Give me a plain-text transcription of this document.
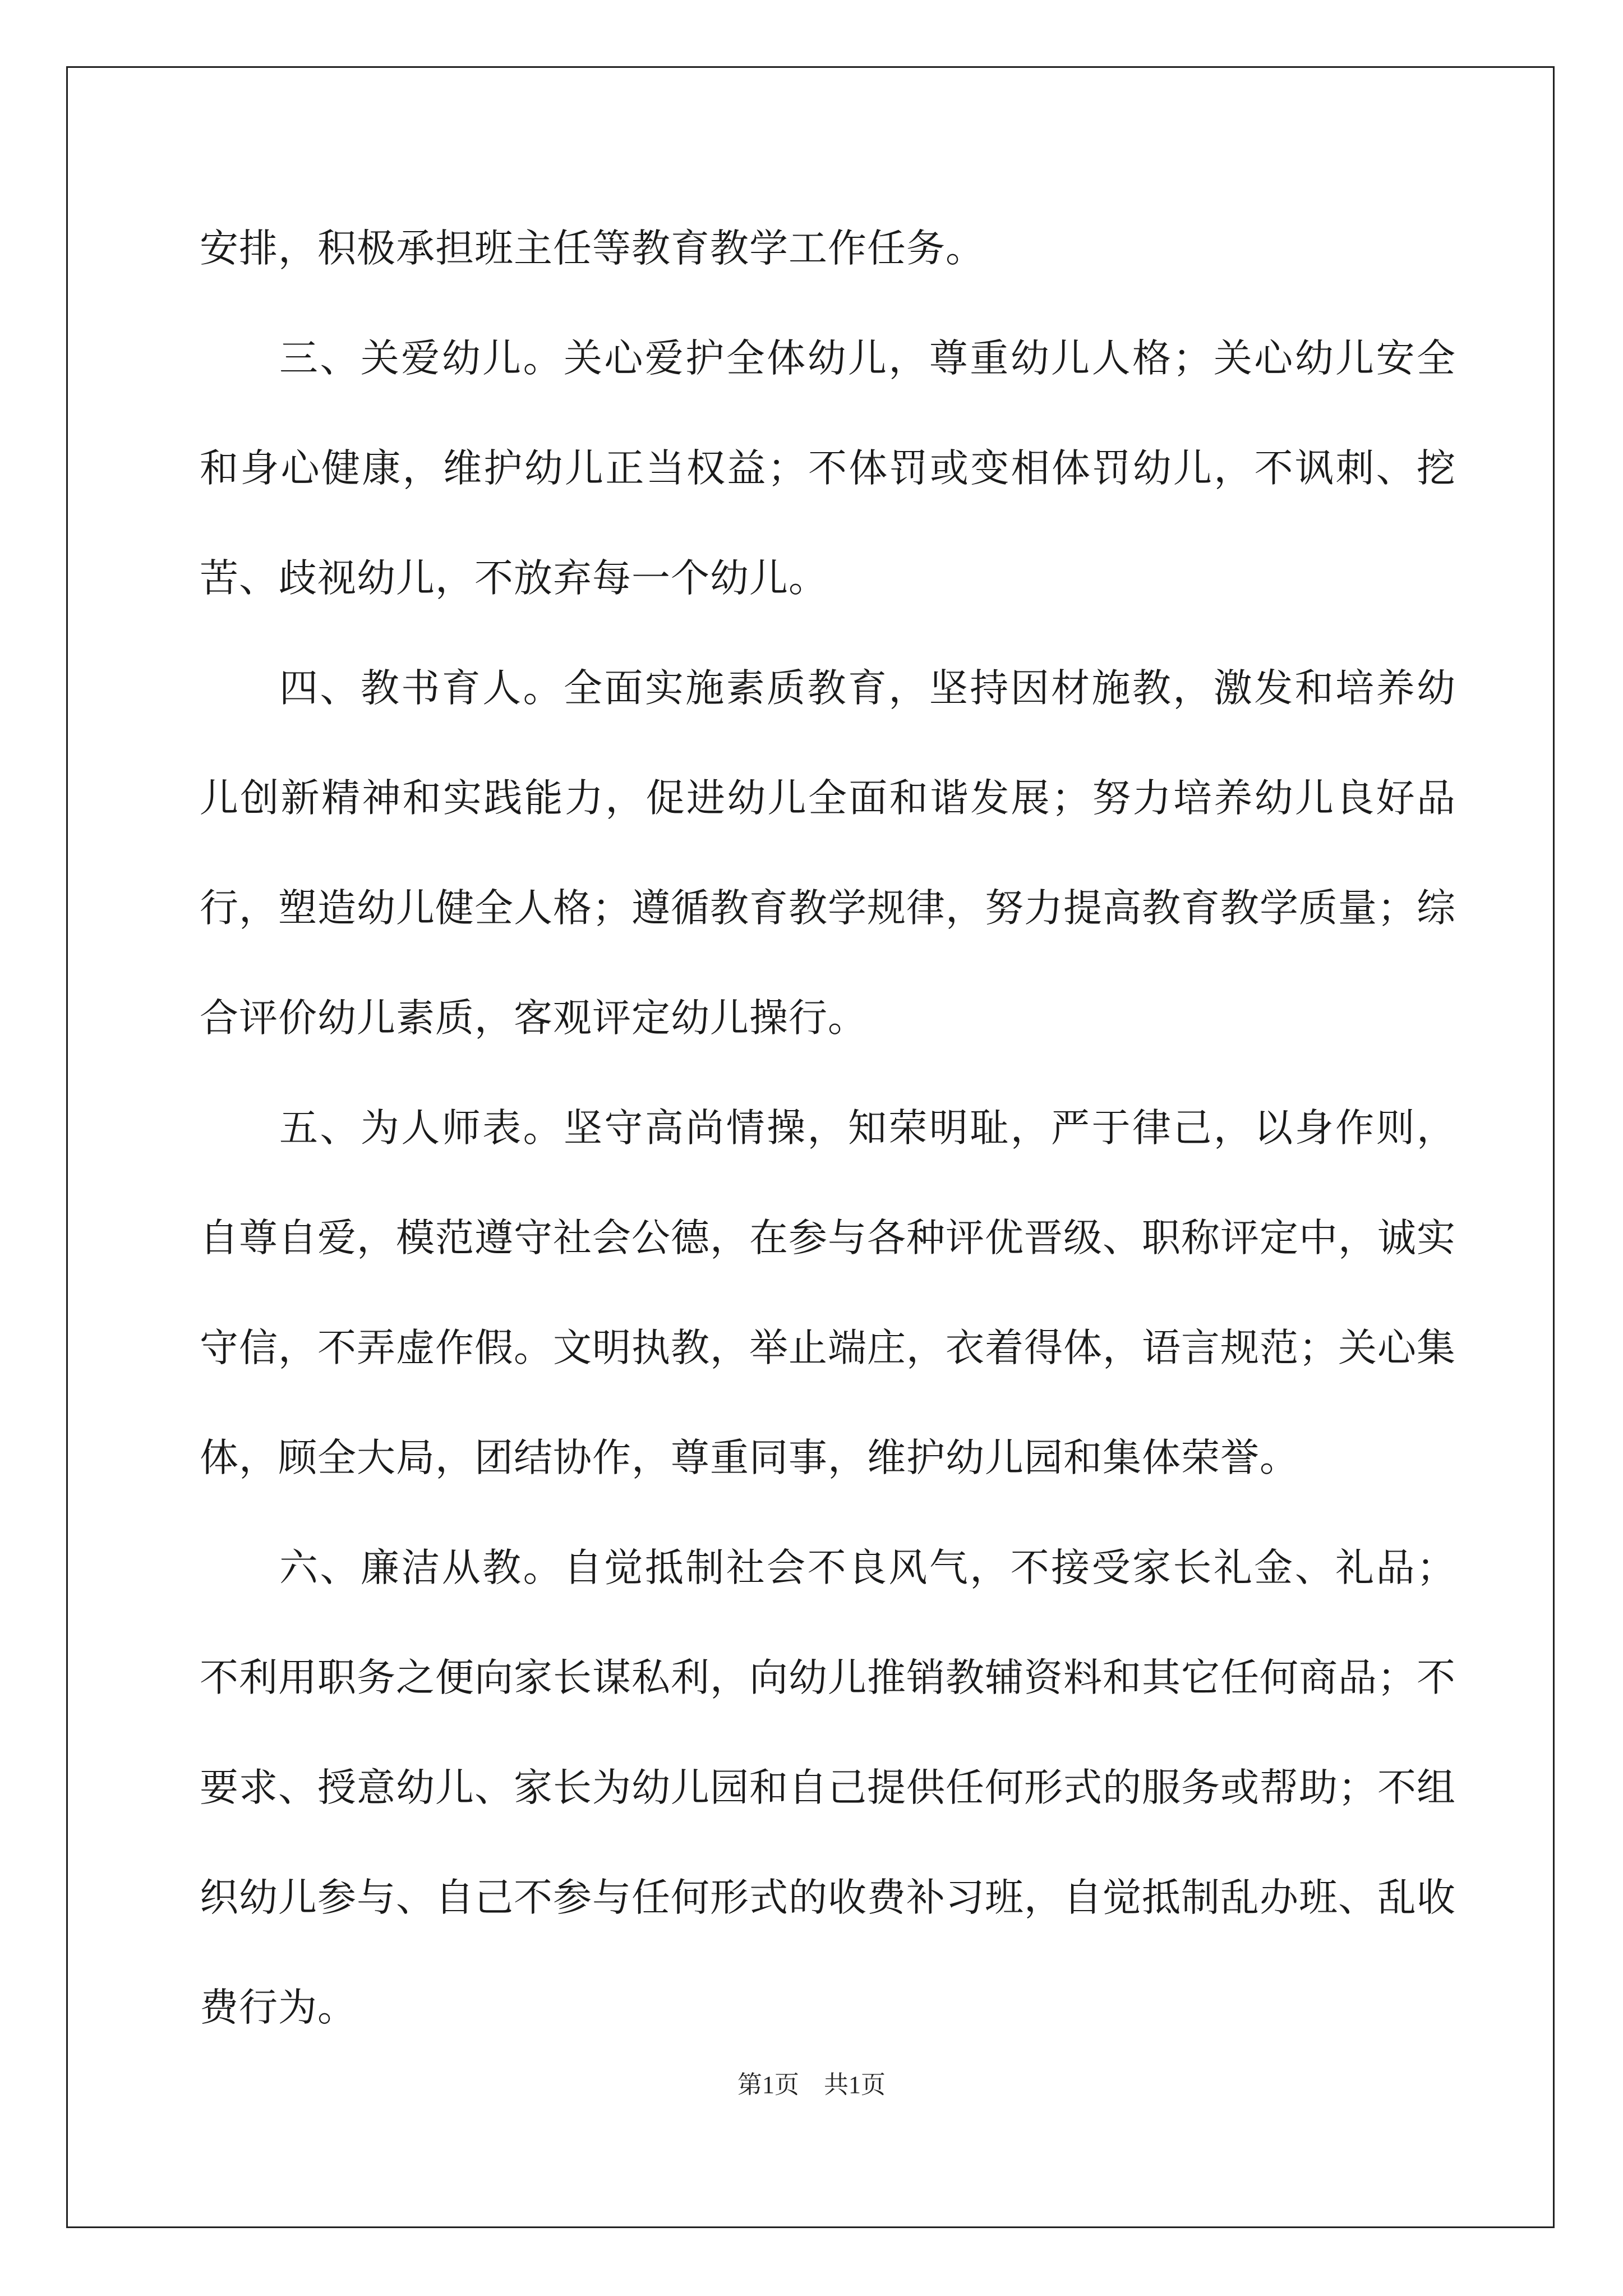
安排，积极承担班主任等教育教学工作任务。

三、关爱幼儿。关心爱护全体幼儿，尊重幼儿人格；关心幼儿安全和身心健康，维护幼儿正当权益；不体罚或变相体罚幼儿，不讽刺、挖苦、歧视幼儿，不放弃每一个幼儿。

四、教书育人。全面实施素质教育，坚持因材施教，激发和培养幼儿创新精神和实践能力，促进幼儿全面和谐发展；努力培养幼儿良好品行，塑造幼儿健全人格；遵循教育教学规律，努力提高教育教学质量；综合评价幼儿素质，客观评定幼儿操行。

五、为人师表。坚守高尚情操，知荣明耻，严于律己，以身作则，自尊自爱，模范遵守社会公德，在参与各种评优晋级、职称评定中，诚实守信，不弄虚作假。文明执教，举止端庄，衣着得体，语言规范；关心集体，顾全大局，团结协作，尊重同事，维护幼儿园和集体荣誉。

六、廉洁从教。自觉抵制社会不良风气，不接受家长礼金、礼品；不利用职务之便向家长谋私利，向幼儿推销教辅资料和其它任何商品；不要求、授意幼儿、家长为幼儿园和自己提供任何形式的服务或帮助；不组织幼儿参与、自己不参与任何形式的收费补习班，自觉抵制乱办班、乱收费行为。

第1页 共1页
